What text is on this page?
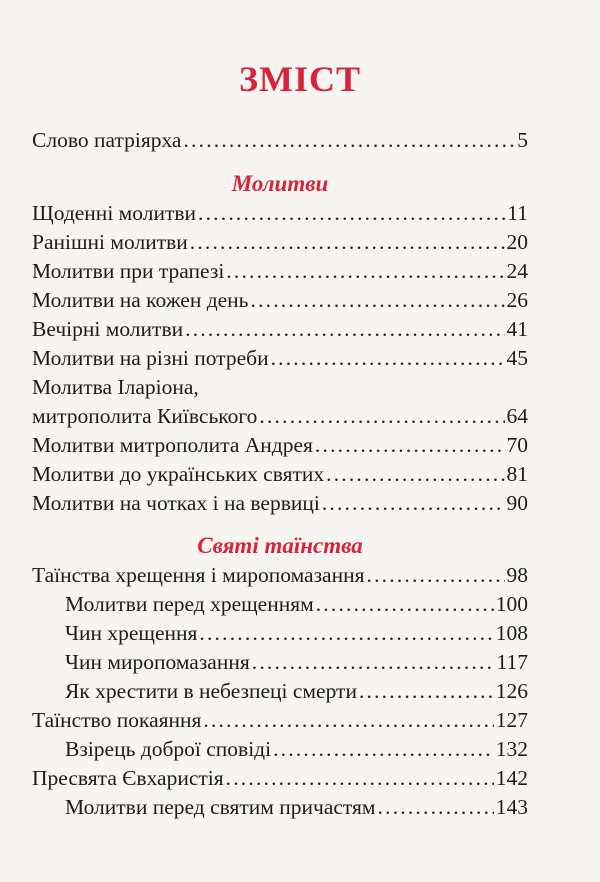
ЗМІСТ
Слово патріярха .....	5
Молитви
Щоденні молитви .....	11
Ранішні молитви .....	20
Молитви при трапезі .....	24
Молитви на кожен день .....	26
Вечірні молитви .....	41
Молитви на різні потреби .....	45
Молитва Іларіона,
митрополита Київського .....	64
Молитви митрополита Андрея .....	70
Молитви до українських святих .....	81
Молитви на чотках і на вервиці .....	90
Святі таїнства
Таїнства хрещення і миропомазання .....	98
Молитви перед хрещенням .....	100
Чин хрещення .....	108
Чин миропомазання .....	117
Як хрестити в небезпеці смерти .....	126
Таїнство покаяння .....	127
Взірець доброї сповіді .....	132
Пресвята Євхаристія .....	142
Молитви перед святим причастям .....	143
